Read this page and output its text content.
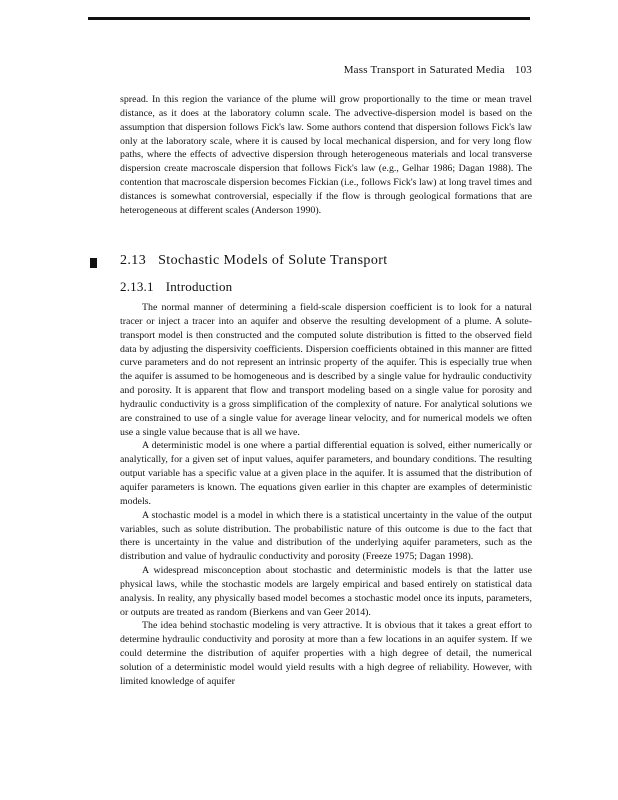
Mass Transport in Saturated Media 103

spread. In this region the variance of the plume will grow proportionally to the time or mean travel distance, as it does at the laboratory column scale. The advective-dispersion model is based on the assumption that dispersion follows Fick's law. Some authors contend that dispersion follows Fick's law only at the laboratory scale, where it is caused by local mechanical dispersion, and for very long flow paths, where the effects of advective dispersion through heterogeneous materials and local transverse dispersion create macroscale dispersion that follows Fick's law (e.g., Gelhar 1986; Dagan 1988). The contention that macroscale dispersion becomes Fickian (i.e., follows Fick's law) at long travel times and distances is somewhat controversial, especially if the flow is through geological formations that are heterogeneous at different scales (Anderson 1990).

2.13 Stochastic Models of Solute Transport
2.13.1 Introduction

The normal manner of determining a field-scale dispersion coefficient is to look for a natural tracer or inject a tracer into an aquifer and observe the resulting development of a plume. A solute-transport model is then constructed and the computed solute distribution is fitted to the observed field data by adjusting the dispersivity coefficients. Dispersion coefficients obtained in this manner are fitted curve parameters and do not represent an intrinsic property of the aquifer. This is especially true when the aquifer is assumed to be homogeneous and is described by a single value for hydraulic conductivity and porosity. It is apparent that flow and transport modeling based on a single value for porosity and hydraulic conductivity is a gross simplification of the complexity of nature. For analytical solutions we are constrained to use of a single value for average linear velocity, and for numerical models we often use a single value because that is all we have.

A deterministic model is one where a partial differential equation is solved, either numerically or analytically, for a given set of input values, aquifer parameters, and boundary conditions. The resulting output variable has a specific value at a given place in the aquifer. It is assumed that the distribution of aquifer parameters is known. The equations given earlier in this chapter are examples of deterministic models.

A stochastic model is a model in which there is a statistical uncertainty in the value of the output variables, such as solute distribution. The probabilistic nature of this outcome is due to the fact that there is uncertainty in the value and distribution of the underlying aquifer parameters, such as the distribution and value of hydraulic conductivity and porosity (Freeze 1975; Dagan 1998).

A widespread misconception about stochastic and deterministic models is that the latter use physical laws, while the stochastic models are largely empirical and based entirely on statistical data analysis. In reality, any physically based model becomes a stochastic model once its inputs, parameters, or outputs are treated as random (Bierkens and van Geer 2014).

The idea behind stochastic modeling is very attractive. It is obvious that it takes a great effort to determine hydraulic conductivity and porosity at more than a few locations in an aquifer system. If we could determine the distribution of aquifer properties with a high degree of detail, the numerical solution of a deterministic model would yield results with a high degree of reliability. However, with limited knowledge of aquifer
